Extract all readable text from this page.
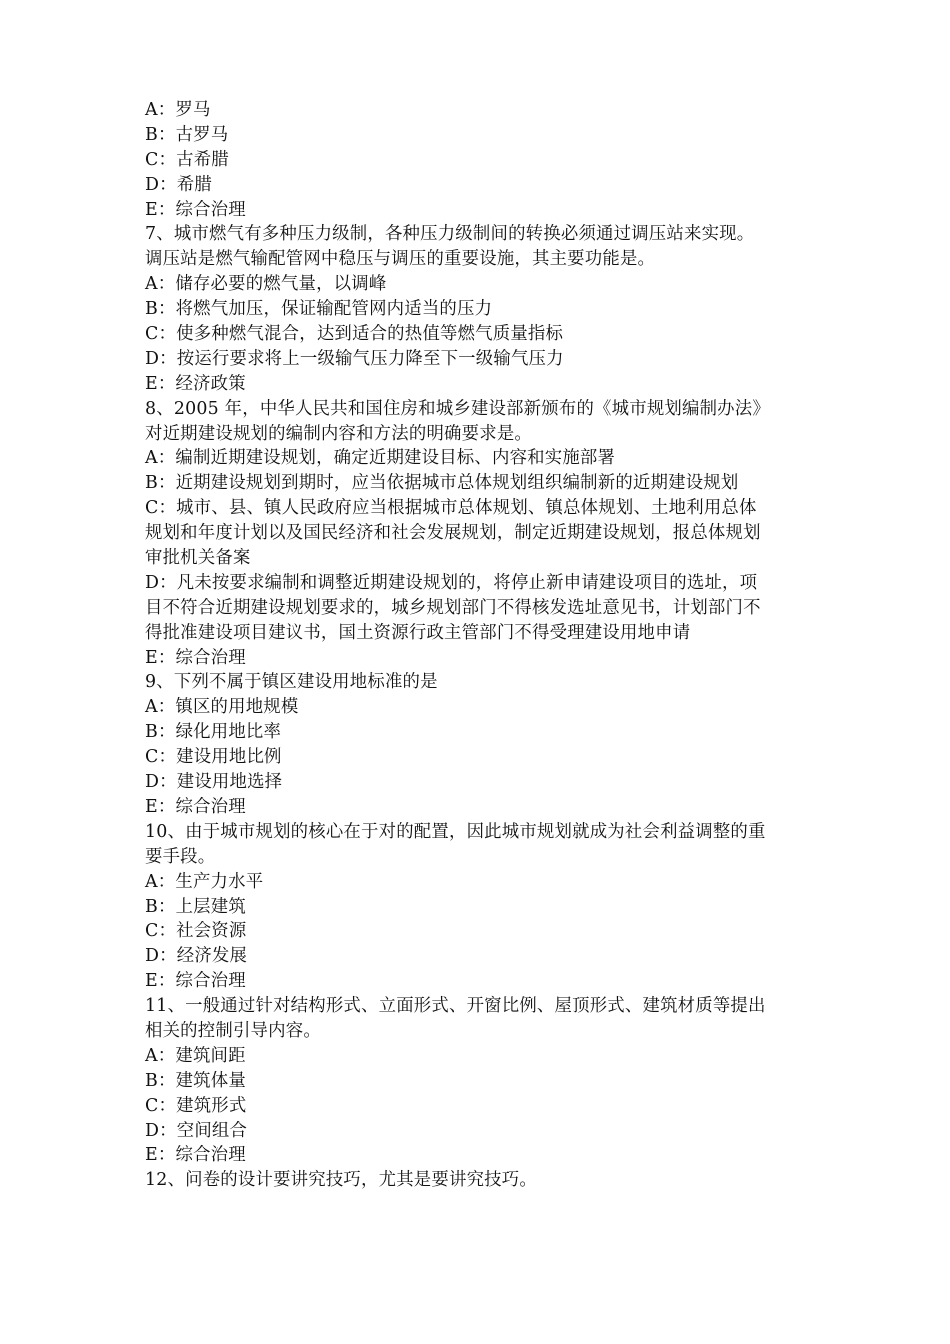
A：罗马
B：古罗马
C：古希腊
D：希腊
E：综合治理
7、城市燃气有多种压力级制，各种压力级制间的转换必须通过调压站来实现。
调压站是燃气输配管网中稳压与调压的重要设施，其主要功能是。
A：储存必要的燃气量，以调峰
B：将燃气加压，保证输配管网内适当的压力
C：使多种燃气混合，达到适合的热值等燃气质量指标
D：按运行要求将上一级输气压力降至下一级输气压力
E：经济政策
8、2005 年，中华人民共和国住房和城乡建设部新颁布的《城市规划编制办法》
对近期建设规划的编制内容和方法的明确要求是。
A：编制近期建设规划，确定近期建设目标、内容和实施部署
B：近期建设规划到期时，应当依据城市总体规划组织编制新的近期建设规划
C：城市、县、镇人民政府应当根据城市总体规划、镇总体规划、土地利用总体
规划和年度计划以及国民经济和社会发展规划，制定近期建设规划，报总体规划
审批机关备案
D：凡未按要求编制和调整近期建设规划的，将停止新申请建设项目的选址，项
目不符合近期建设规划要求的，城乡规划部门不得核发选址意见书，计划部门不
得批准建设项目建议书，国土资源行政主管部门不得受理建设用地申请
E：综合治理
9、下列不属于镇区建设用地标准的是
A：镇区的用地规模
B：绿化用地比率
C：建设用地比例
D：建设用地选择
E：综合治理
10、由于城市规划的核心在于对的配置，因此城市规划就成为社会利益调整的重
要手段。
A：生产力水平
B：上层建筑
C：社会资源
D：经济发展
E：综合治理
11、一般通过针对结构形式、立面形式、开窗比例、屋顶形式、建筑材质等提出
相关的控制引导内容。
A：建筑间距
B：建筑体量
C：建筑形式
D：空间组合
E：综合治理
12、问卷的设计要讲究技巧，尤其是要讲究技巧。
